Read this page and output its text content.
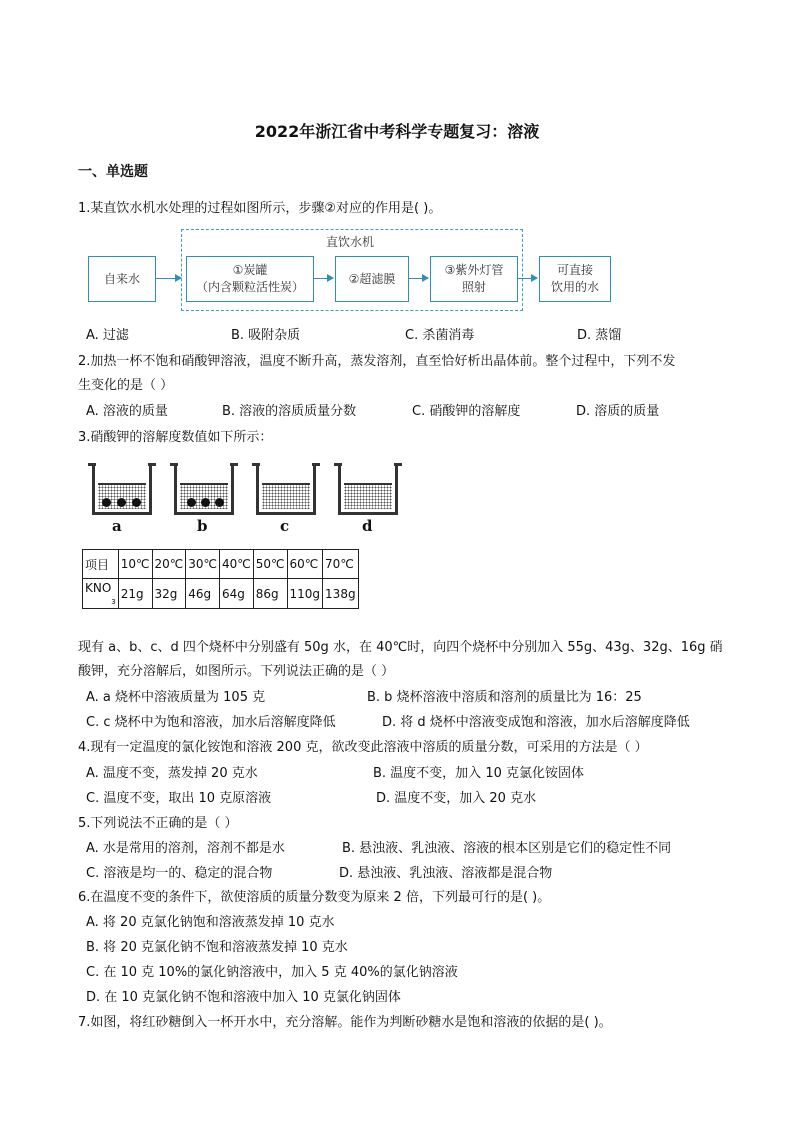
2022年浙江省中考科学专题复习：溶液
一、单选题
1.某直饮水机水处理的过程如图所示，步骤②对应的作用是( )。
直饮水机
自来水
①炭罐
（内含颗粒活性炭）
②超滤膜
③紫外灯管
照射
可直接
饮用的水
A. 过滤	B. 吸附杂质	C. 杀菌消毒	D. 蒸馏
2.加热一杯不饱和硝酸钾溶液，温度不断升高，蒸发溶剂，直至恰好析出晶体前。整个过程中，下列不发
生变化的是（ ）
A. 溶液的质量	B. 溶液的溶质质量分数	C. 硝酸钾的溶解度	D. 溶质的质量
3.硝酸钾的溶解度数值如下所示：
a	b	c	d
项目	10℃	20℃	30℃	40℃	50℃	60℃	70℃
$KNO_3$	21g	32g	46g	64g	86g	110g	138g
现有 a、b、c、d 四个烧杯中分别盛有 50g 水，在 40℃时，向四个烧杯中分别加入 55g、43g、32g、16g 硝
酸钾，充分溶解后，如图所示。下列说法正确的是（ ）
A. a 烧杯中溶液质量为 105 克	B. b 烧杯溶液中溶质和溶剂的质量比为 16：25
C. c 烧杯中为饱和溶液，加水后溶解度降低	D. 将 d 烧杯中溶液变成饱和溶液，加水后溶解度降低
4.现有一定温度的氯化铵饱和溶液 200 克，欲改变此溶液中溶质的质量分数，可采用的方法是（ ）
A. 温度不变，蒸发掉 20 克水	B. 温度不变，加入 10 克氯化铵固体
C. 温度不变，取出 10 克原溶液	D. 温度不变，加入 20 克水
5.下列说法不正确的是（ ）
A. 水是常用的溶剂，溶剂不都是水	B. 悬浊液、乳浊液、溶液的根本区别是它们的稳定性不同
C. 溶液是均一的、稳定的混合物	D. 悬浊液、乳浊液、溶液都是混合物
6.在温度不变的条件下，欲使溶质的质量分数变为原来 2 倍，下列最可行的是( )。
A. 将 20 克氯化钠饱和溶液蒸发掉 10 克水
B. 将 20 克氯化钠不饱和溶液蒸发掉 10 克水
C. 在 10 克 10%的氯化钠溶液中，加入 5 克 40%的氯化钠溶液
D. 在 10 克氯化钠不饱和溶液中加入 10 克氯化钠固体
7.如图，将红砂糖倒入一杯开水中，充分溶解。能作为判断砂糖水是饱和溶液的依据的是( )。
